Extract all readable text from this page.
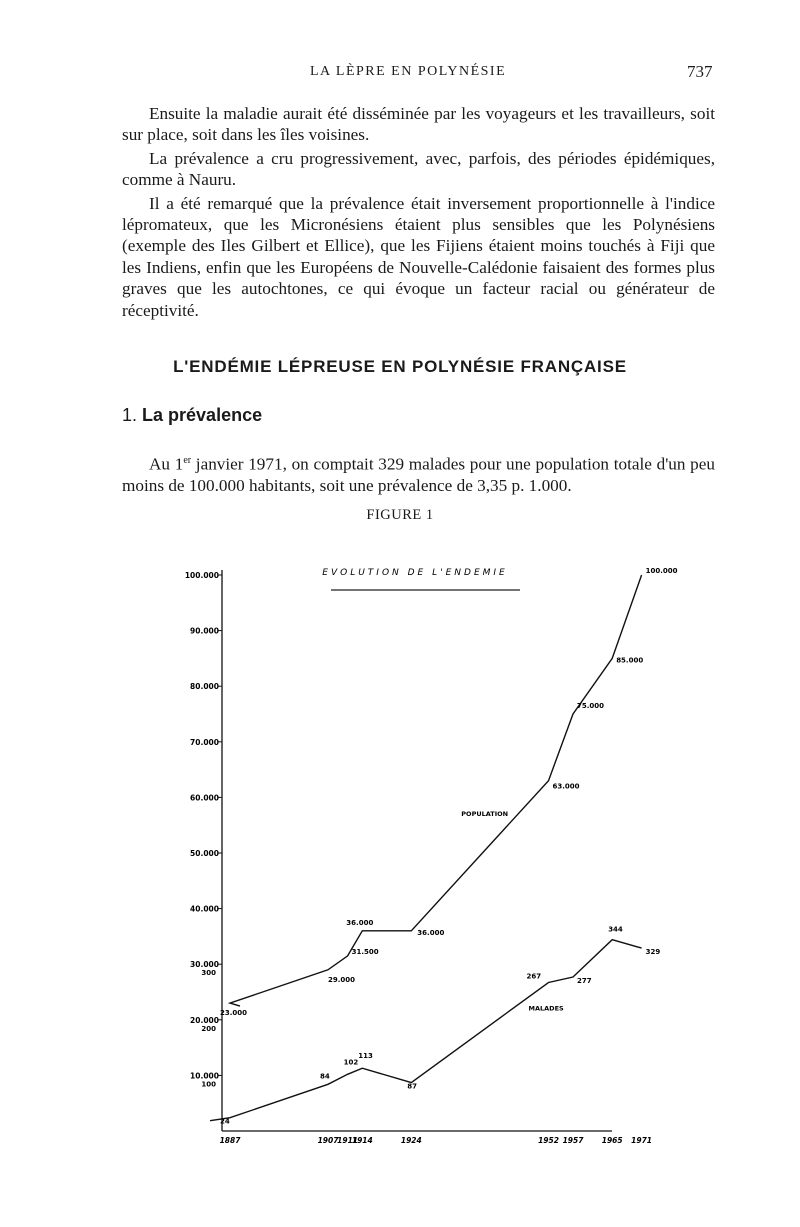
LA LÈPRE EN POLYNÉSIE	737

Ensuite la maladie aurait été disséminée par les voyageurs et les travailleurs, soit sur place, soit dans les îles voisines.

La prévalence a cru progressivement, avec, parfois, des périodes épidémiques, comme à Nauru.

Il a été remarqué que la prévalence était inversement proportionnelle à l'indice lépromateux, que les Micronésiens étaient plus sensibles que les Polynésiens (exemple des Iles Gilbert et Ellice), que les Fijiens étaient moins touchés à Fiji que les Indiens, enfin que les Européens de Nouvelle-Calédonie faisaient des formes plus graves que les autochtones, ce qui évoque un facteur racial ou générateur de réceptivité.

L'ENDÉMIE LÉPREUSE EN POLYNÉSIE FRANÇAISE
1. La prévalence

Au 1er janvier 1971, on comptait 329 malades pour une population totale d'un peu moins de 100.000 habitants, soit une prévalence de 3,35 p. 1.000.

FIGURE 1
10.000
20.000
30.000
40.000
50.000
60.000
70.000
80.000
90.000
100.000
100
200
300
1887	1907
1911
1914	1924	1952 1957 1965 1971
23.000
29.000
31.500
36.000
36.000
63.000
75.000
85.000
100.000
POPULATION
24
84
102
113
87
267
277
344
329
MALADES
EVOLUTION DE L'ENDEMIE
